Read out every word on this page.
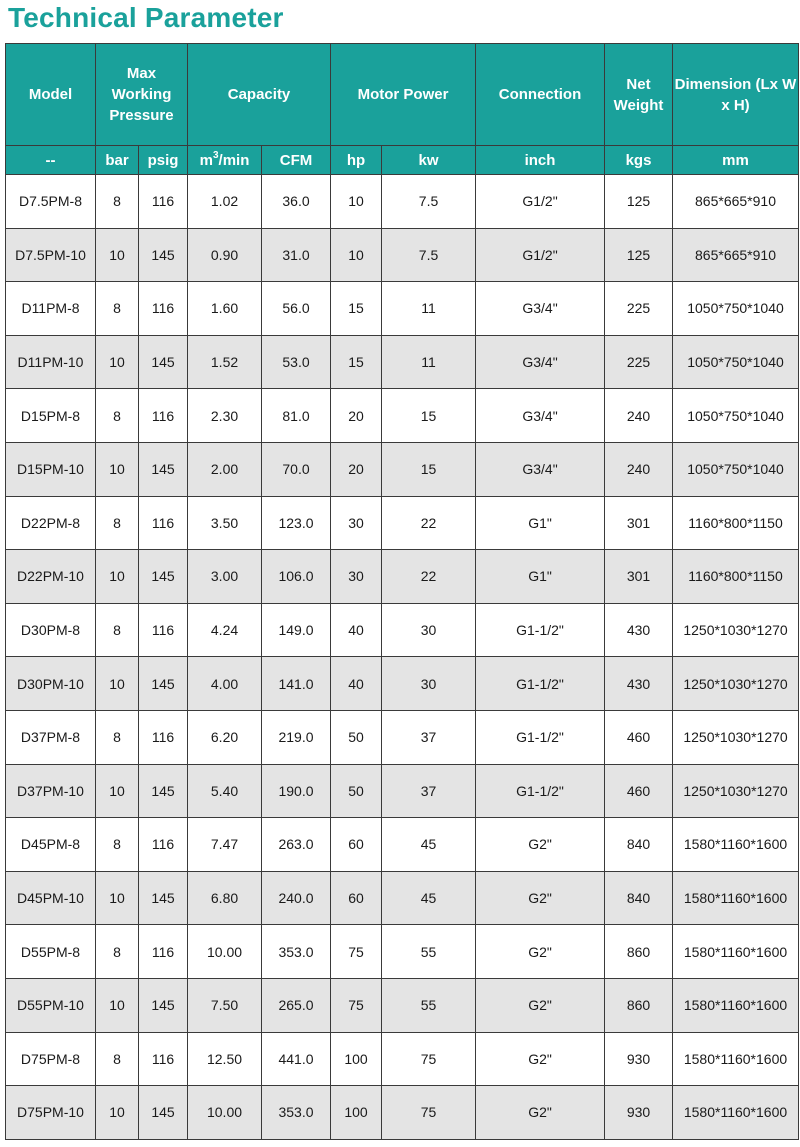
Technical Parameter
Model	Max Working Pressure		Capacity		Motor Power		Connection	Net Weight	Dimension (Lx W x H)
--	bar	psig	$m^3/\min$	CFM	hp	kw	inch	kgs	mm
D7.5PM-8	8	116	1.02	36.0	10	7.5	G1/2"	125	865*665*910
D7.5PM-10	10	145	0.90	31.0	10	7.5	G1/2"	125	865*665*910
D11PM-8	8	116	1.60	56.0	15	11	G3/4"	225	1050*750*1040
D11PM-10	10	145	1.52	53.0	15	11	G3/4"	225	1050*750*1040
D15PM-8	8	116	2.30	81.0	20	15	G3/4"	240	1050*750*1040
D15PM-10	10	145	2.00	70.0	20	15	G3/4"	240	1050*750*1040
D22PM-8	8	116	3.50	123.0	30	22	G1"	301	1160*800*1150
D22PM-10	10	145	3.00	106.0	30	22	G1"	301	1160*800*1150
D30PM-8	8	116	4.24	149.0	40	30	G1-1/2"	430	1250*1030*1270
D30PM-10	10	145	4.00	141.0	40	30	G1-1/2"	430	1250*1030*1270
D37PM-8	8	116	6.20	219.0	50	37	G1-1/2"	460	1250*1030*1270
D37PM-10	10	145	5.40	190.0	50	37	G1-1/2"	460	1250*1030*1270
D45PM-8	8	116	7.47	263.0	60	45	G2"	840	1580*1160*1600
D45PM-10	10	145	6.80	240.0	60	45	G2"	840	1580*1160*1600
D55PM-8	8	116	10.00	353.0	75	55	G2"	860	1580*1160*1600
D55PM-10	10	145	7.50	265.0	75	55	G2"	860	1580*1160*1600
D75PM-8	8	116	12.50	441.0	100	75	G2"	930	1580*1160*1600
D75PM-10	10	145	10.00	353.0	100	75	G2"	930	1580*1160*1600
